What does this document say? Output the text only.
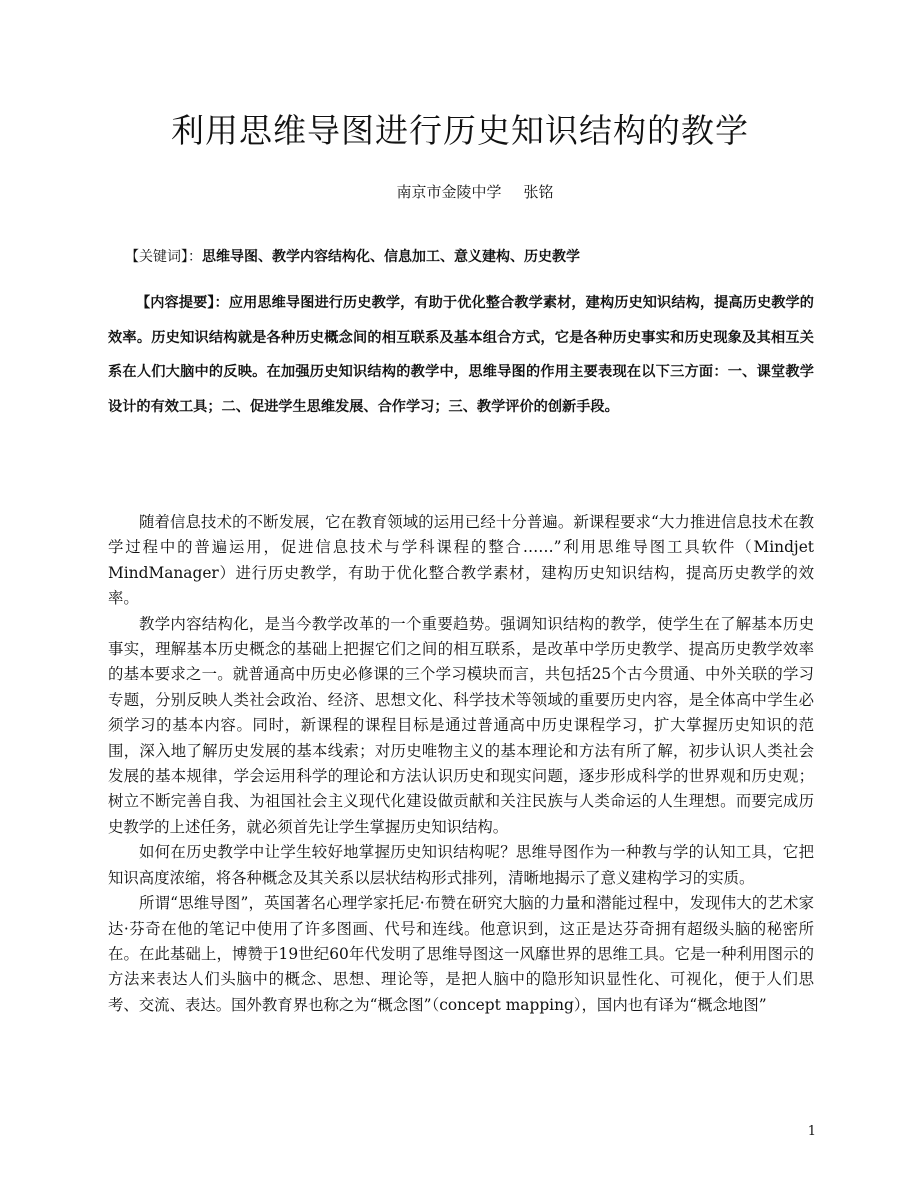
利用思维导图进行历史知识结构的教学
南京市金陵中学 张铭
【关键词】：思维导图、教学内容结构化、信息加工、意义建构、历史教学

【内容提要】：应用思维导图进行历史教学，有助于优化整合教学素材，建构历史知识结构，提高历史教学的效率。历史知识结构就是各种历史概念间的相互联系及基本组合方式，它是各种历史事实和历史现象及其相互关系在人们大脑中的反映。在加强历史知识结构的教学中，思维导图的作用主要表现在以下三方面：一、课堂教学设计的有效工具；二、促进学生思维发展、合作学习；三、教学评价的创新手段。

随着信息技术的不断发展，它在教育领域的运用已经十分普遍。新课程要求“大力推进信息技术在教学过程中的普遍运用，促进信息技术与学科课程的整合……”利用思维导图工具软件（Mindjet MindManager）进行历史教学，有助于优化整合教学素材，建构历史知识结构，提高历史教学的效率。

教学内容结构化，是当今教学改革的一个重要趋势。强调知识结构的教学，使学生在了解基本历史事实，理解基本历史概念的基础上把握它们之间的相互联系，是改革中学历史教学、提高历史教学效率的基本要求之一。就普通高中历史必修课的三个学习模块而言，共包括25个古今贯通、中外关联的学习专题，分别反映人类社会政治、经济、思想文化、科学技术等领域的重要历史内容，是全体高中学生必须学习的基本内容。同时，新课程的课程目标是通过普通高中历史课程学习，扩大掌握历史知识的范围，深入地了解历史发展的基本线索；对历史唯物主义的基本理论和方法有所了解，初步认识人类社会发展的基本规律，学会运用科学的理论和方法认识历史和现实问题，逐步形成科学的世界观和历史观；树立不断完善自我、为祖国社会主义现代化建设做贡献和关注民族与人类命运的人生理想。而要完成历史教学的上述任务，就必须首先让学生掌握历史知识结构。

如何在历史教学中让学生较好地掌握历史知识结构呢？思维导图作为一种教与学的认知工具，它把知识高度浓缩，将各种概念及其关系以层状结构形式排列，清晰地揭示了意义建构学习的实质。

所谓“思维导图”，英国著名心理学家托尼·布赞在研究大脑的力量和潜能过程中，发现伟大的艺术家达·芬奇在他的笔记中使用了许多图画、代号和连线。他意识到，这正是达芬奇拥有超级头脑的秘密所在。在此基础上，博赞于19世纪60年代发明了思维导图这一风靡世界的思维工具。它是一种利用图示的方法来表达人们头脑中的概念、思想、理论等，是把人脑中的隐形知识显性化、可视化，便于人们思考、交流、表达。国外教育界也称之为“概念图”（concept mapping），国内也有译为“概念地图”

1
